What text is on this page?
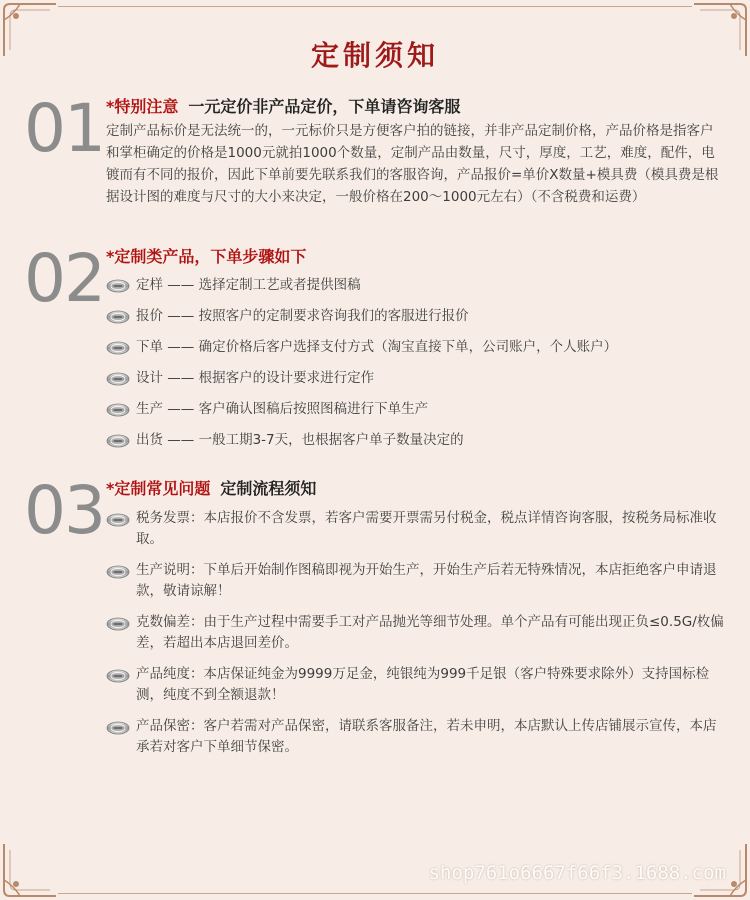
定制须知
01 *特别注意 一元定价非产品定价，下单请咨询客服
定制产品标价是无法统一的，一元标价只是方便客户拍的链接，并非产品定制价格，产品价格是指客户和掌柜确定的价格是1000元就拍1000个数量，定制产品由数量，尺寸，厚度，工艺，难度，配件，电镀而有不同的报价，因此下单前要先联系我们的客服咨询，产品报价=单价X数量+模具费（模具费是根据设计图的难度与尺寸的大小来决定，一般价格在200～1000元左右）（不含税费和运费）
02 *定制类产品，下单步骤如下
定样 —— 选择定制工艺或者提供图稿
报价 —— 按照客户的定制要求咨询我们的客服进行报价
下单 —— 确定价格后客户选择支付方式（淘宝直接下单，公司账户，个人账户）
设计 —— 根据客户的设计要求进行定作
生产 —— 客户确认图稿后按照图稿进行下单生产
出货 —— 一般工期3-7天，也根据客户单子数量决定的
03 *定制常见问题 定制流程须知
税务发票：本店报价不含发票，若客户需要开票需另付税金，税点详情咨询客服，按税务局标准收取。
生产说明：下单后开始制作图稿即视为开始生产，开始生产后若无特殊情况，本店拒绝客户申请退款，敬请谅解！
克数偏差：由于生产过程中需要手工对产品抛光等细节处理。单个产品有可能出现正负≤0.5G/枚偏差，若超出本店退回差价。
产品纯度：本店保证纯金为9999万足金，纯银纯为999千足银（客户特殊要求除外）支持国标检测，纯度不到全额退款！
产品保密：客户若需对产品保密，请联系客服备注，若未申明，本店默认上传店铺展示宣传，本店承若对客户下单细节保密。
shop761o6667f66f3.1688.com
